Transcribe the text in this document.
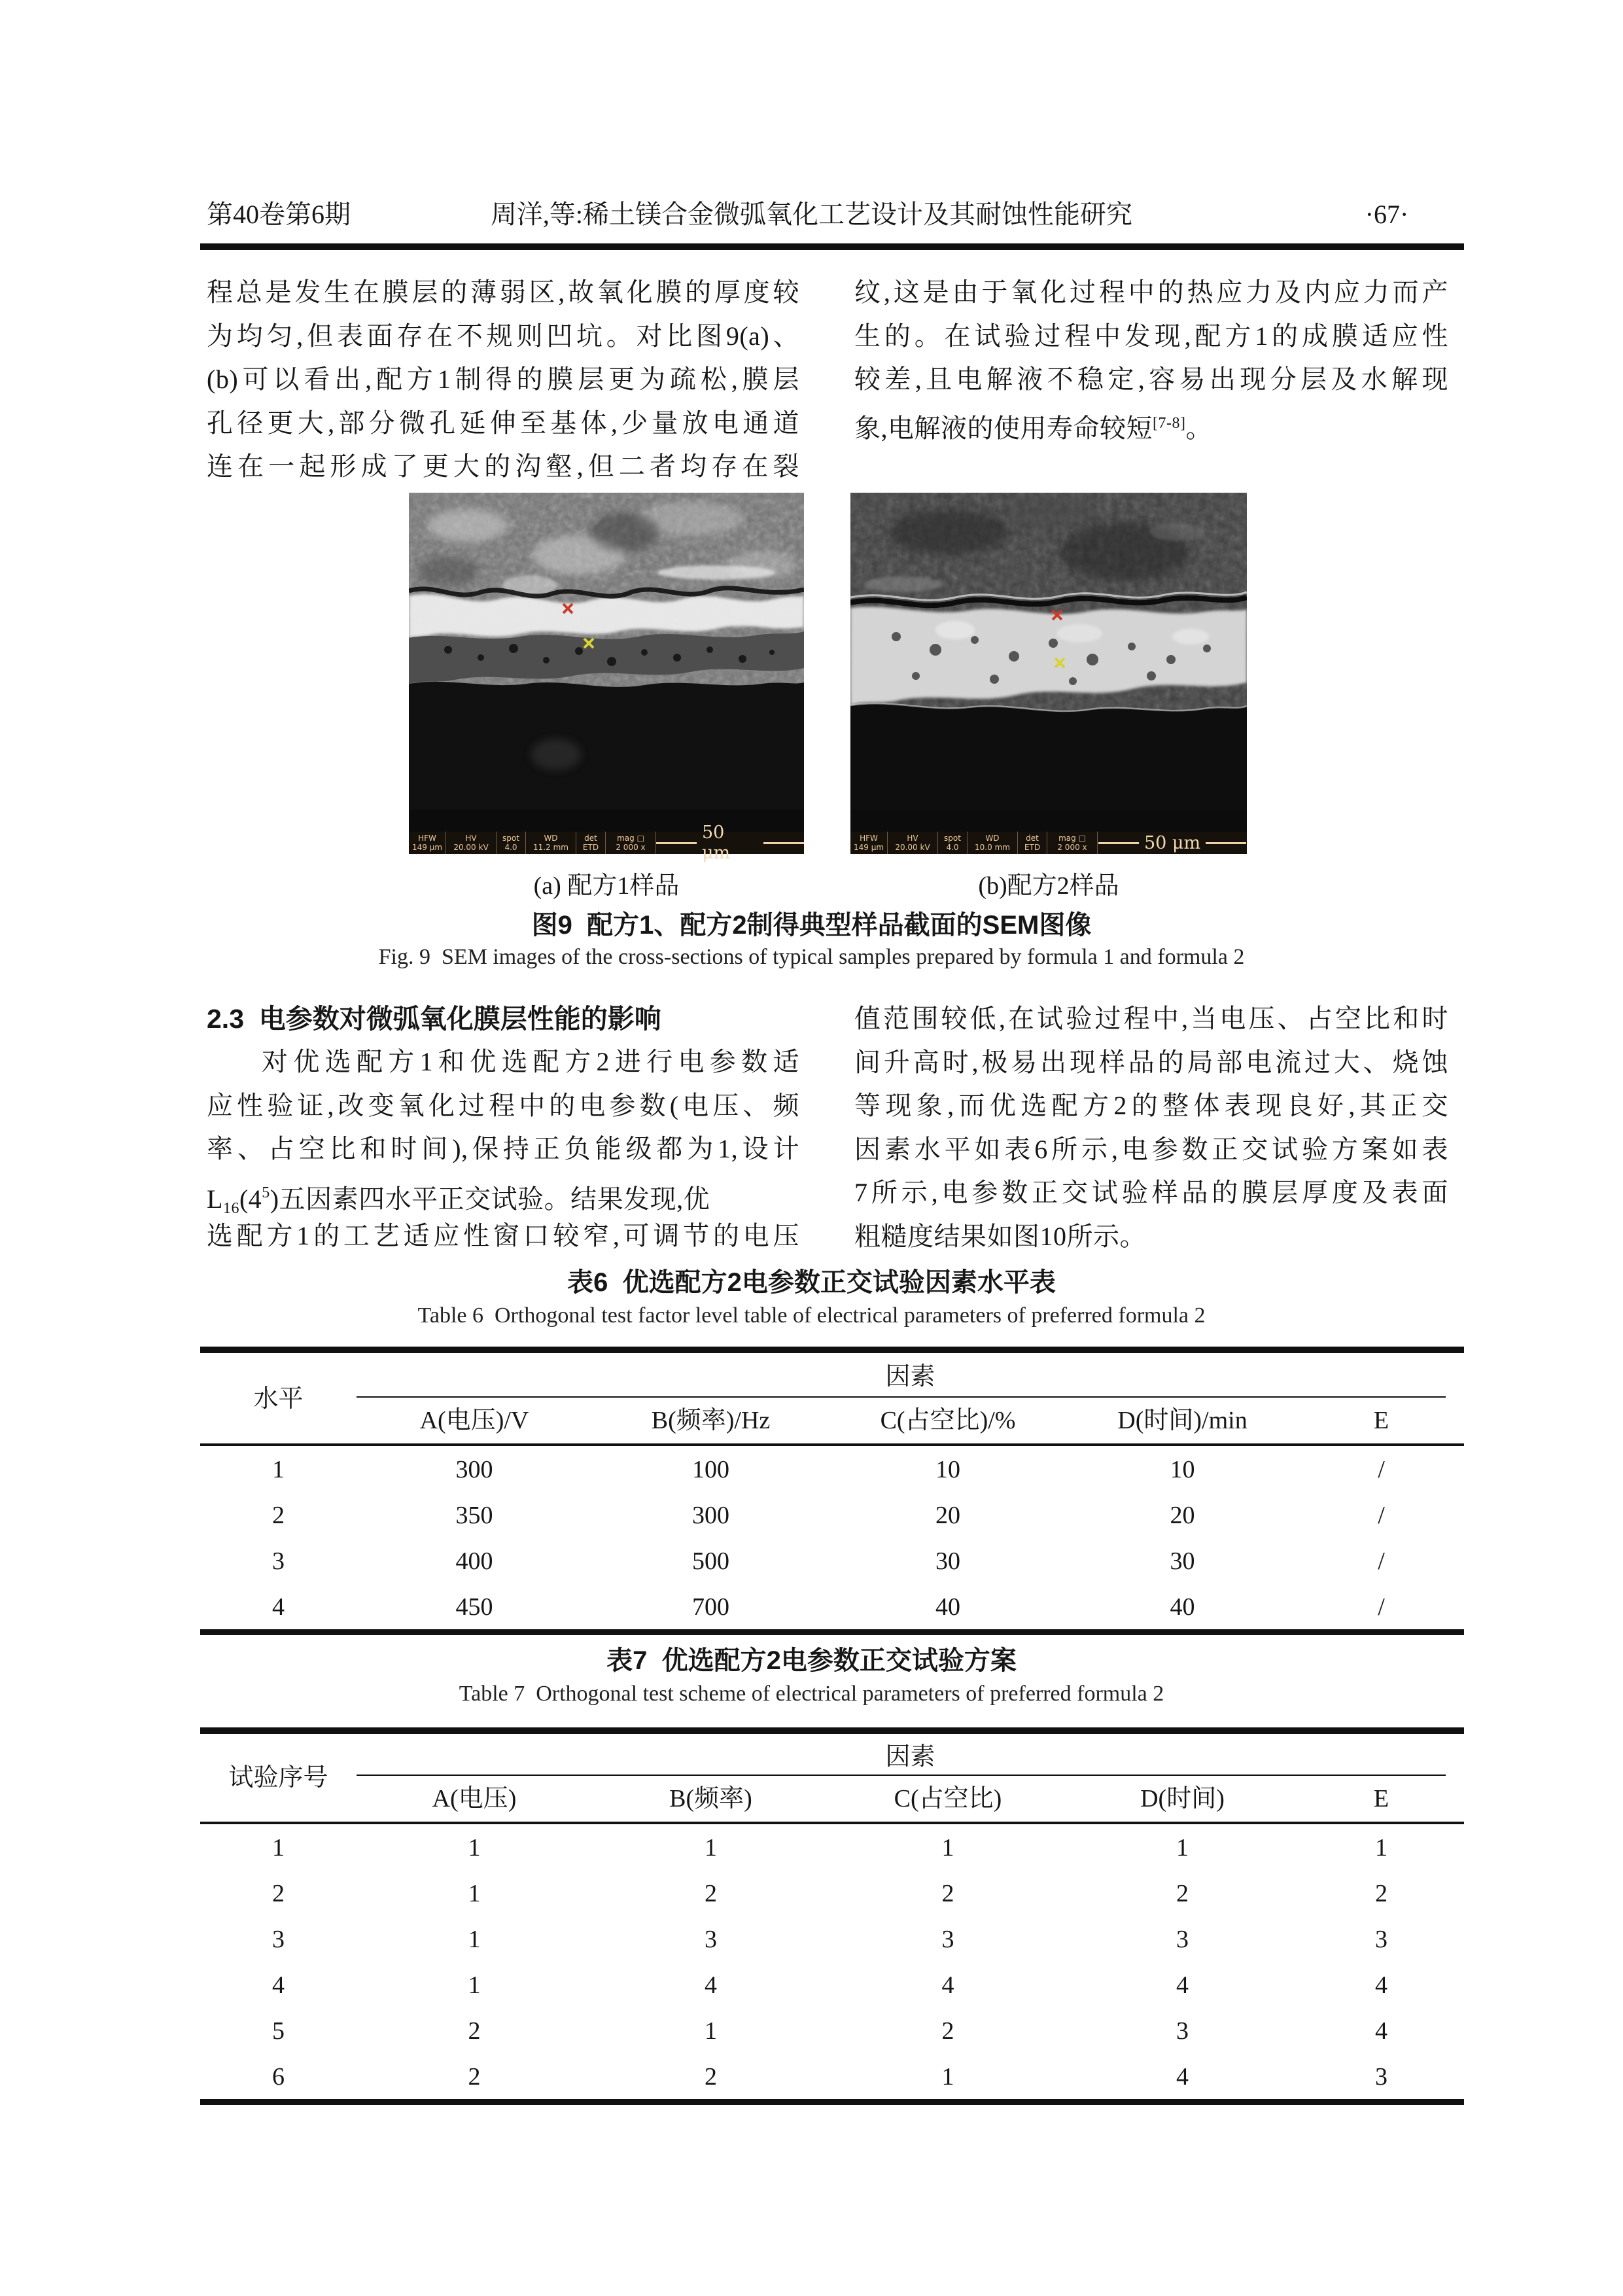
第40卷第6期	周洋,等:稀土镁合金微弧氧化工艺设计及其耐蚀性能研究	·67·
程总是发生在膜层的薄弱区,故氧化膜的厚度较
为均匀,但表面存在不规则凹坑。对比图9(a)、
(b)可以看出,配方1制得的膜层更为疏松,膜层
孔径更大,部分微孔延伸至基体,少量放电通道
连在一起形成了更大的沟壑,但二者均存在裂
纹,这是由于氧化过程中的热应力及内应力而产
生的。在试验过程中发现,配方1的成膜适应性
较差,且电解液不稳定,容易出现分层及水解现
象,电解液的使用寿命较短[7-8]。
HFW
149 μm
HV
20.00 kV
spot
4.0
WD
11.2 mm
det
ETD
mag □
2 000 x
50 μm
HFW
149 μm
HV
20.00 kV
spot
4.0
WD
10.0 mm
det
ETD
mag □
2 000 x	50 μm
(a) 配方1样品	(b)配方2样品
图9  配方1、配方2制得典型样品截面的SEM图像
Fig. 9  SEM images of the cross-sections of typical samples prepared by formula 1 and formula 2
2.3  电参数对微弧氧化膜层性能的影响
对优选配方1和优选配方2进行电参数适
应性验证,改变氧化过程中的电参数(电压、频
率、占空比和时间),保持正负能级都为1,设计
$L_{16}(4^5)$五因素四水平正交试验。结果发现,优
选配方1的工艺适应性窗口较窄,可调节的电压
值范围较低,在试验过程中,当电压、占空比和时
间升高时,极易出现样品的局部电流过大、烧蚀
等现象,而优选配方2的整体表现良好,其正交
因素水平如表6所示,电参数正交试验方案如表
7所示,电参数正交试验样品的膜层厚度及表面
粗糙度结果如图10所示。
表6  优选配方2电参数正交试验因素水平表
Table 6  Orthogonal test factor level table of electrical parameters of preferred formula 2
因素
水平
A(电压)/V	B(频率)/Hz	C(占空比)/%	D(时间)/min	E
1	300	100	10	10	/
2	350	300	20	20	/
3	400	500	30	30	/
4	450	700	40	40	/
表7  优选配方2电参数正交试验方案
Table 7  Orthogonal test scheme of electrical parameters of preferred formula 2
因素
试验序号
A(电压)	B(频率)	C(占空比)	D(时间)	E
1	1	1	1	1	1
2	1	2	2	2	2
3	1	3	3	3	3
4	1	4	4	4	4
5	2	1	2	3	4
6	2	2	1	4	3
